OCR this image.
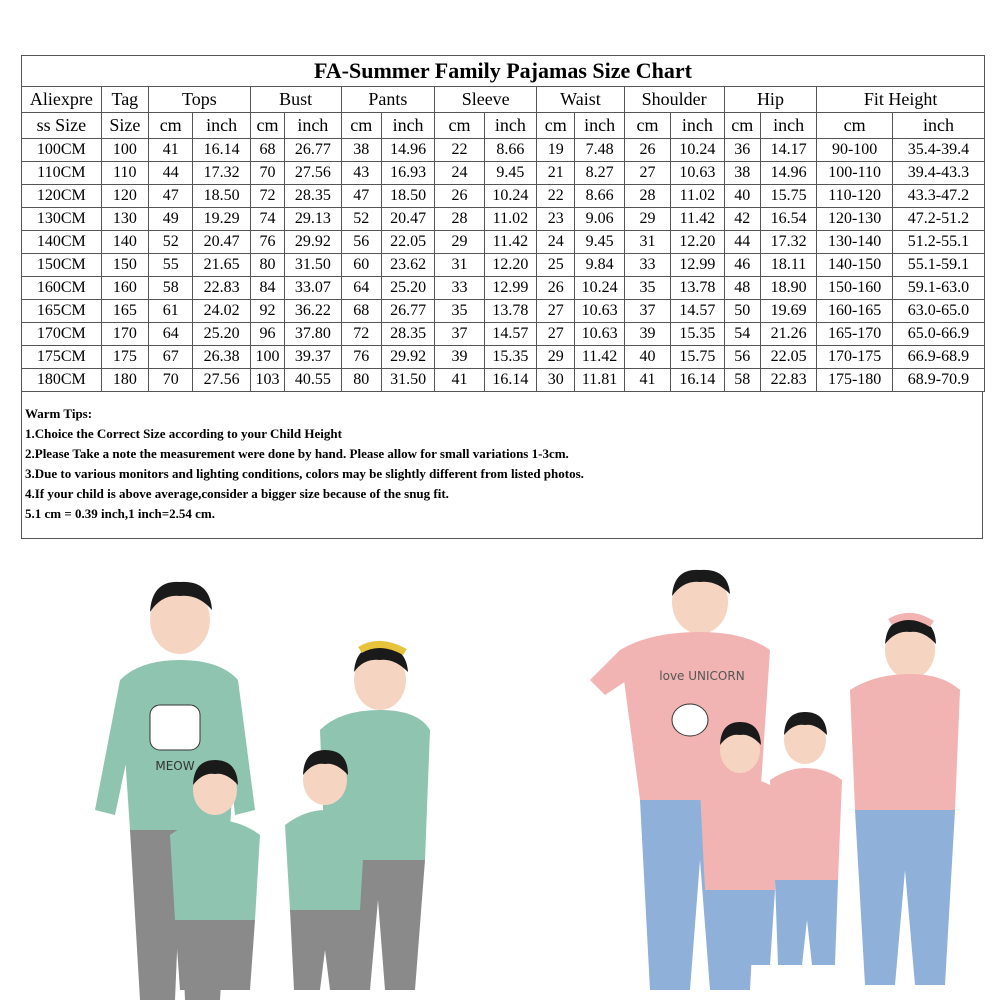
FA-Summer Family Pajamas Size Chart																	
Aliexpre	Tag	Tops		Bust		Pants		Sleeve		Waist		Shoulder		Hip		Fit Height	
ss Size	Size	cm	inch	cm	inch	cm	inch	cm	inch	cm	inch	cm	inch	cm	inch	cm	inch
100CM	100	41	16.14	68	26.77	38	14.96	22	8.66	19	7.48	26	10.24	36	14.17	90-100	35.4-39.4
110CM	110	44	17.32	70	27.56	43	16.93	24	9.45	21	8.27	27	10.63	38	14.96	100-110	39.4-43.3
120CM	120	47	18.50	72	28.35	47	18.50	26	10.24	22	8.66	28	11.02	40	15.75	110-120	43.3-47.2
130CM	130	49	19.29	74	29.13	52	20.47	28	11.02	23	9.06	29	11.42	42	16.54	120-130	47.2-51.2
140CM	140	52	20.47	76	29.92	56	22.05	29	11.42	24	9.45	31	12.20	44	17.32	130-140	51.2-55.1
150CM	150	55	21.65	80	31.50	60	23.62	31	12.20	25	9.84	33	12.99	46	18.11	140-150	55.1-59.1
160CM	160	58	22.83	84	33.07	64	25.20	33	12.99	26	10.24	35	13.78	48	18.90	150-160	59.1-63.0
165CM	165	61	24.02	92	36.22	68	26.77	35	13.78	27	10.63	37	14.57	50	19.69	160-165	63.0-65.0
170CM	170	64	25.20	96	37.80	72	28.35	37	14.57	27	10.63	39	15.35	54	21.26	165-170	65.0-66.9
175CM	175	67	26.38	100	39.37	76	29.92	39	15.35	29	11.42	40	15.75	56	22.05	170-175	66.9-68.9
180CM	180	70	27.56	103	40.55	80	31.50	41	16.14	30	11.81	41	16.14	58	22.83	175-180	68.9-70.9
Warm Tips:
1.Choice the Correct Size according to your Child Height
2.Please Take a note the measurement were done by hand. Please allow for small variations 1-3cm.
3.Due to various monitors and lighting conditions, colors may be slightly different from listed photos.
4.If your child is above average,consider a bigger size because of the snug fit.
5.1 cm = 0.39 inch,1 inch=2.54 cm.
MEOW
love UNICORN
